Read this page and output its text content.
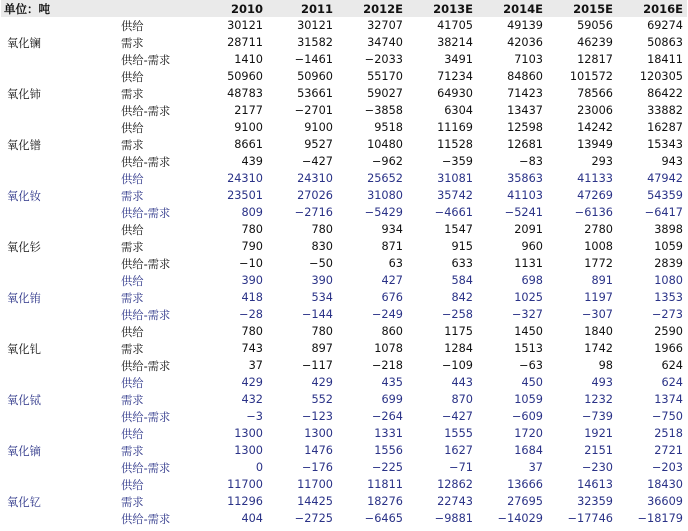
单位：吨		2010	2011	2012E	2013E	2014E	2015E	2016E
	供给	30121	30121	32707	41705	49139	59056	69274
氧化镧	需求	28711	31582	34740	38214	42036	46239	50863
	供给-需求	1410	−1461	−2033	3491	7103	12817	18411
	供给	50960	50960	55170	71234	84860	101572	120305
氧化铈	需求	48783	53661	59027	64930	71423	78566	86422
	供给-需求	2177	−2701	−3858	6304	13437	23006	33882
	供给	9100	9100	9518	11169	12598	14242	16287
氧化镨	需求	8661	9527	10480	11528	12681	13949	15343
	供给-需求	439	−427	−962	−359	−83	293	943
	供给	24310	24310	25652	31081	35863	41133	47942
氧化钕	需求	23501	27026	31080	35742	41103	47269	54359
	供给-需求	809	−2716	−5429	−4661	−5241	−6136	−6417
	供给	780	780	934	1547	2091	2780	3898
氧化钐	需求	790	830	871	915	960	1008	1059
	供给-需求	−10	−50	63	633	1131	1772	2839
	供给	390	390	427	584	698	891	1080
氧化铕	需求	418	534	676	842	1025	1197	1353
	供给-需求	−28	−144	−249	−258	−327	−307	−273
	供给	780	780	860	1175	1450	1840	2590
氧化钆	需求	743	897	1078	1284	1513	1742	1966
	供给-需求	37	−117	−218	−109	−63	98	624
	供给	429	429	435	443	450	493	624
氧化铽	需求	432	552	699	870	1059	1232	1374
	供给-需求	−3	−123	−264	−427	−609	−739	−750
	供给	1300	1300	1331	1555	1720	1921	2518
氧化镝	需求	1300	1476	1556	1627	1684	2151	2721
	供给-需求	0	−176	−225	−71	37	−230	−203
	供给	11700	11700	11811	12862	13666	14613	18430
氧化钇	需求	11296	14425	18276	22743	27695	32359	36609
	供给-需求	404	−2725	−6465	−9881	−14029	−17746	−18179
